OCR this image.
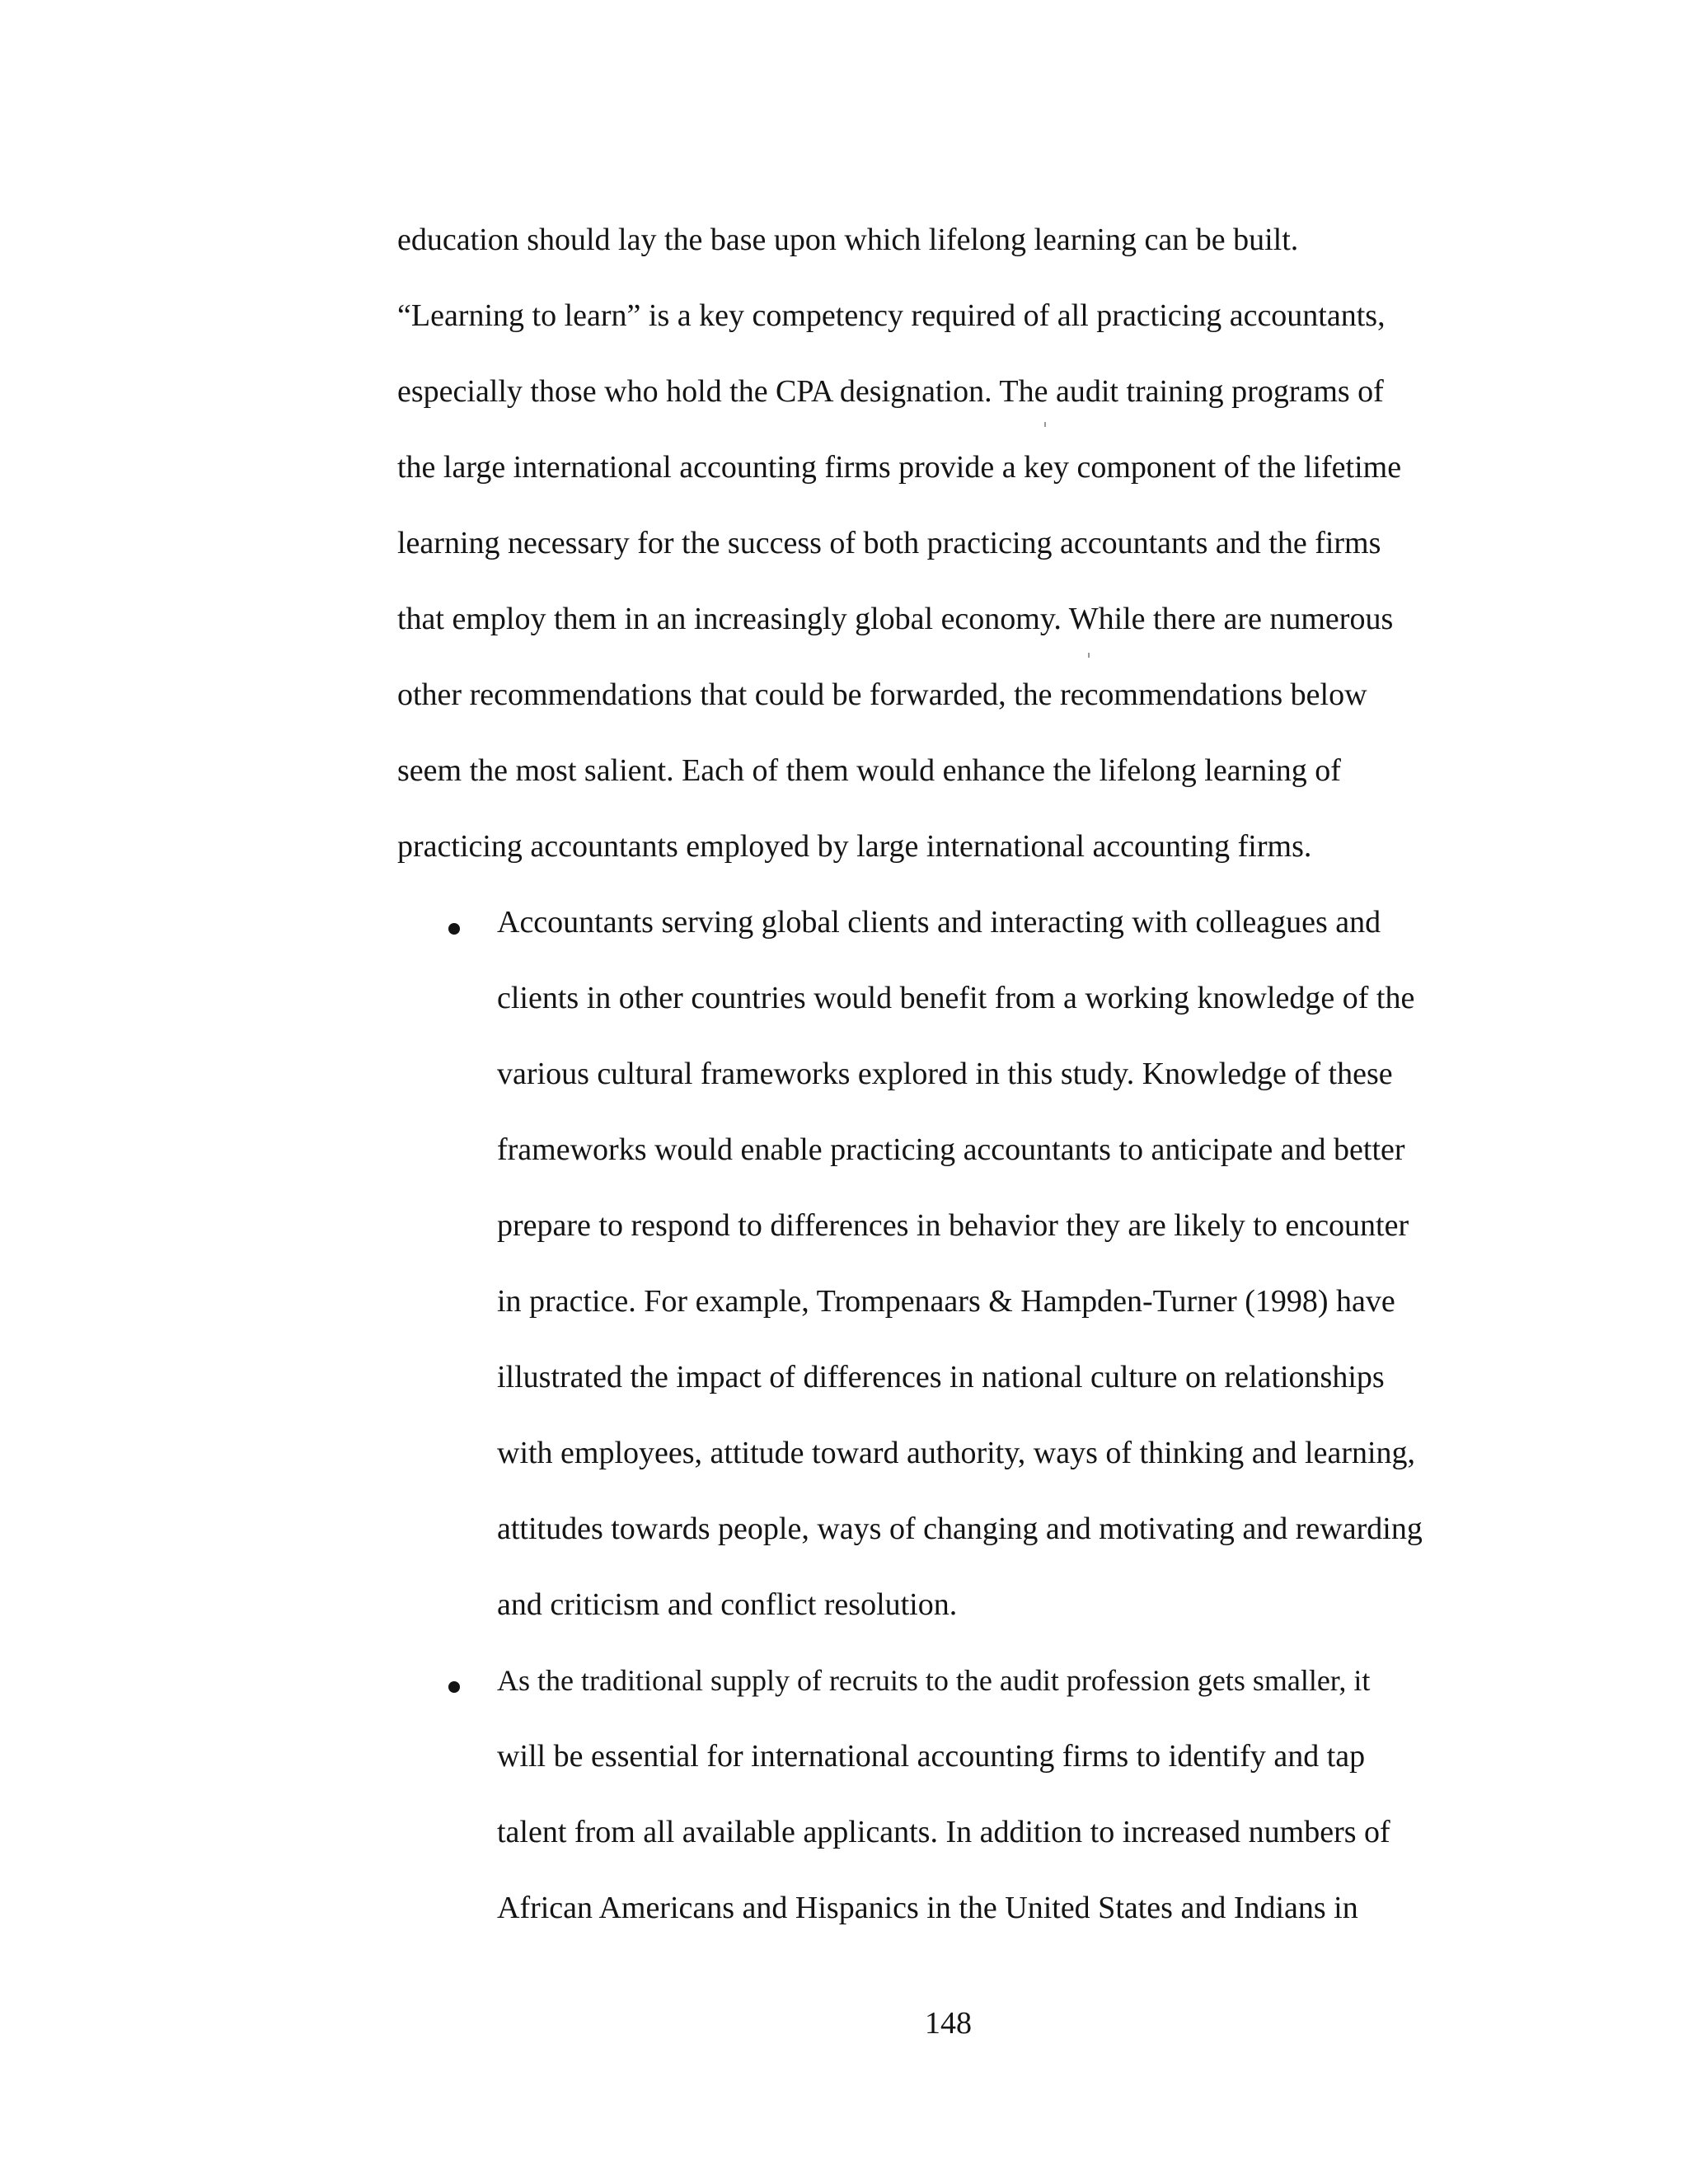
education should lay the base upon which lifelong learning can be built.
“Learning to learn” is a key competency required of all practicing accountants,
especially those who hold the CPA designation. The audit training programs of
the large international accounting firms provide a key component of the lifetime
learning necessary for the success of both practicing accountants and the firms
that employ them in an increasingly global economy. While there are numerous
other recommendations that could be forwarded, the recommendations below
seem the most salient. Each of them would enhance the lifelong learning of
practicing accountants employed by large international accounting firms.
Accountants serving global clients and interacting with colleagues and
clients in other countries would benefit from a working knowledge of the
various cultural frameworks explored in this study. Knowledge of these
frameworks would enable practicing accountants to anticipate and better
prepare to respond to differences in behavior they are likely to encounter
in practice. For example, Trompenaars & Hampden-Turner (1998) have
illustrated the impact of differences in national culture on relationships
with employees, attitude toward authority, ways of thinking and learning,
attitudes towards people, ways of changing and motivating and rewarding
and criticism and conflict resolution.
As the traditional supply of recruits to the audit profession gets smaller, it
will be essential for international accounting firms to identify and tap
talent from all available applicants. In addition to increased numbers of
African Americans and Hispanics in the United States and Indians in
148
